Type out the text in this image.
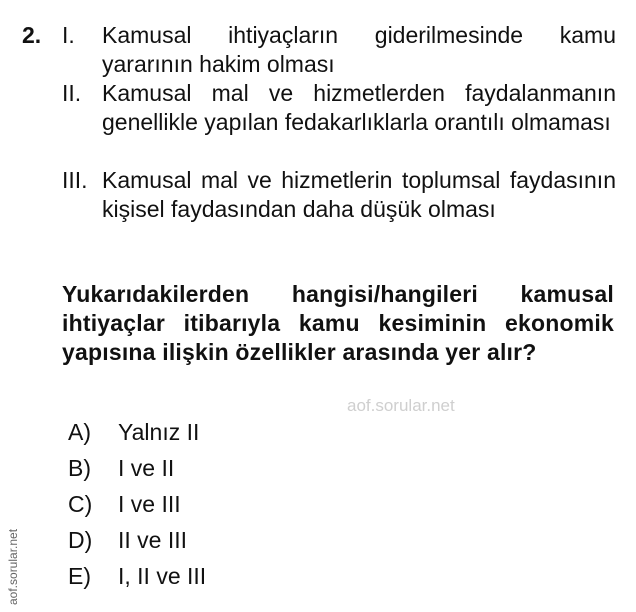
2. I. Kamusal ihtiyaçların giderilmesinde kamu yararının hakim olması
II. Kamusal mal ve hizmetlerden faydalanmanın genellikle yapılan fedakarlıklarla orantılı olmaması
III. Kamusal mal ve hizmetlerin toplumsal faydasının kişisel faydasından daha düşük olması
Yukarıdakilerden hangisi/hangileri kamusal ihtiyaçlar itibarıyla kamu kesiminin ekonomik yapısına ilişkin özellikler arasında yer alır?
aof.sorular.net
aof.sorular.net
A) Yalnız II
B) I ve II
C) I ve III
D) II ve III
E) I, II ve III
